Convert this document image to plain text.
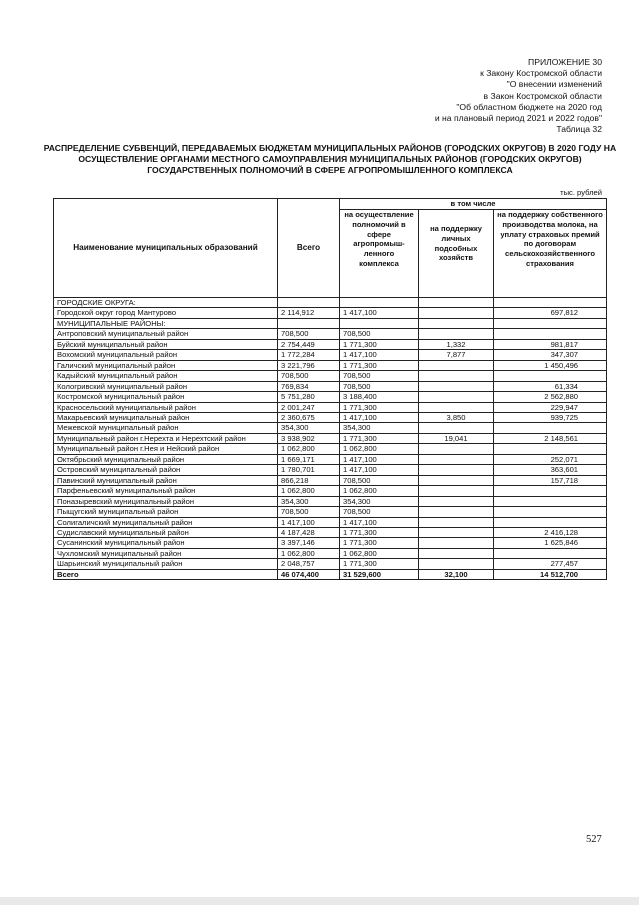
ПРИЛОЖЕНИЕ 30
к Закону Костромской области
"О внесении изменений
в Закон Костромской области
"Об областном бюджете на 2020 год
и на плановый период 2021 и 2022 годов"
Таблица 32
РАСПРЕДЕЛЕНИЕ СУБВЕНЦИЙ, ПЕРЕДАВАЕМЫХ БЮДЖЕТАМ МУНИЦИПАЛЬНЫХ РАЙОНОВ (ГОРОДСКИХ ОКРУГОВ) В 2020 ГОДУ НА ОСУЩЕСТВЛЕНИЕ ОРГАНАМИ МЕСТНОГО САМОУПРАВЛЕНИЯ МУНИЦИПАЛЬНЫХ РАЙОНОВ (ГОРОДСКИХ ОКРУГОВ) ГОСУДАРСТВЕННЫХ ПОЛНОМОЧИЙ В СФЕРЕ АГРОПРОМЫШЛЕННОГО КОМПЛЕКСА
тыс. рублей
Наименование муниципальных образований	Всего	в том числе		
		на осуществление полномочий в сфере агропромыш-ленного комплекса	на поддержку личных подсобных хозяйств	на поддержку собственного производства молока, на уплату страховых премий по договорам сельскохозяйственного страхования
ГОРОДСКИЕ ОКРУГА:				
Городской округ город Мантурово	2 114,912	1 417,100		697,812
МУНИЦИПАЛЬНЫЕ РАЙОНЫ:				
Антроповский муниципальный район	708,500	708,500		
Буйский муниципальный район	2 754,449	1 771,300	1,332	981,817
Вохомский муниципальный район	1 772,284	1 417,100	7,877	347,307
Галичский муниципальный район	3 221,796	1 771,300		1 450,496
Кадыйский муниципальный район	708,500	708,500		
Кологривский муниципальный район	769,834	708,500		61,334
Костромской муниципальный район	5 751,280	3 188,400		2 562,880
Красносельский муниципальный район	2 001,247	1 771,300		229,947
Макарьевский муниципальный район	2 360,675	1 417,100	3,850	939,725
Межевской муниципальный район	354,300	354,300		
Муниципальный район г.Нерехта и Нерехтский район	3 938,902	1 771,300	19,041	2 148,561
Муниципальный район г.Нея и Нейский район	1 062,800	1 062,800		
Октябрьский муниципальный район	1 669,171	1 417,100		252,071
Островский муниципальный район	1 780,701	1 417,100		363,601
Павинский муниципальный район	866,218	708,500		157,718
Парфеньевский муниципальный район	1 062,800	1 062,800		
Поназыревский муниципальный район	354,300	354,300		
Пыщугский муниципальный район	708,500	708,500		
Солигаличский муниципальный район	1 417,100	1 417,100		
Судиславский муниципальный район	4 187,428	1 771,300		2 416,128
Сусанинский муниципальный район	3 397,146	1 771,300		1 625,846
Чухломский муниципальный район	1 062,800	1 062,800		
Шарьинский муниципальный район	2 048,757	1 771,300		277,457
Всего	46 074,400	31 529,600	32,100	14 512,700
527
